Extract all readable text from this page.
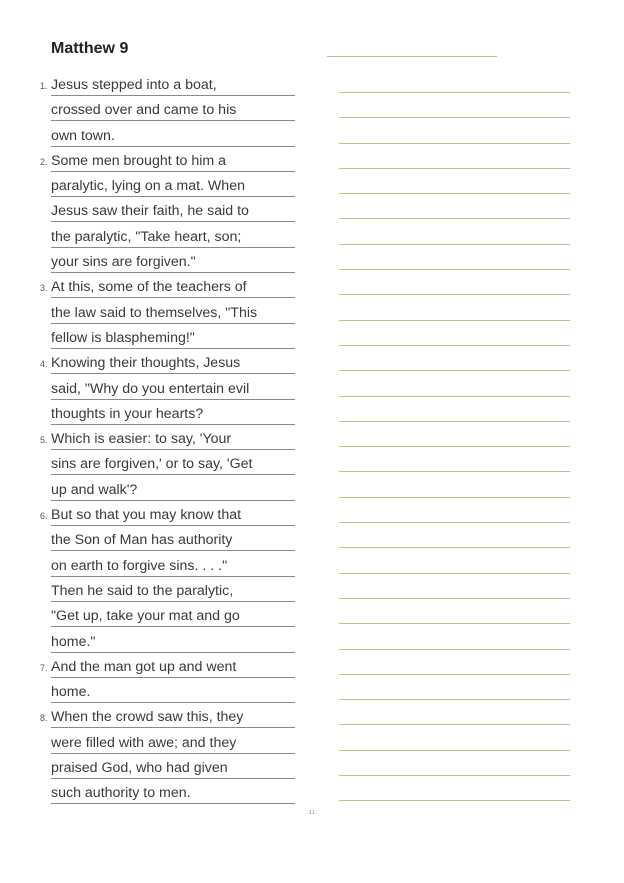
Matthew 9
1. Jesus stepped into a boat,
crossed over and came to his
own town.
2. Some men brought to him a
paralytic, lying on a mat. When
Jesus saw their faith, he said to
the paralytic, "Take heart, son;
your sins are forgiven."
3. At this, some of the teachers of
the law said to themselves, "This
fellow is blaspheming!"
4. Knowing their thoughts, Jesus
said, "Why do you entertain evil
thoughts in your hearts?
5. Which is easier: to say, 'Your
sins are forgiven,' or to say, 'Get
up and walk'?
6. But so that you may know that
the Son of Man has authority
on earth to forgive sins. . . ."
Then he said to the paralytic,
"Get up, take your mat and go
home."
7. And the man got up and went
home.
8. When the crowd saw this, they
were filled with awe; and they
praised God, who had given
such authority to men.
11
